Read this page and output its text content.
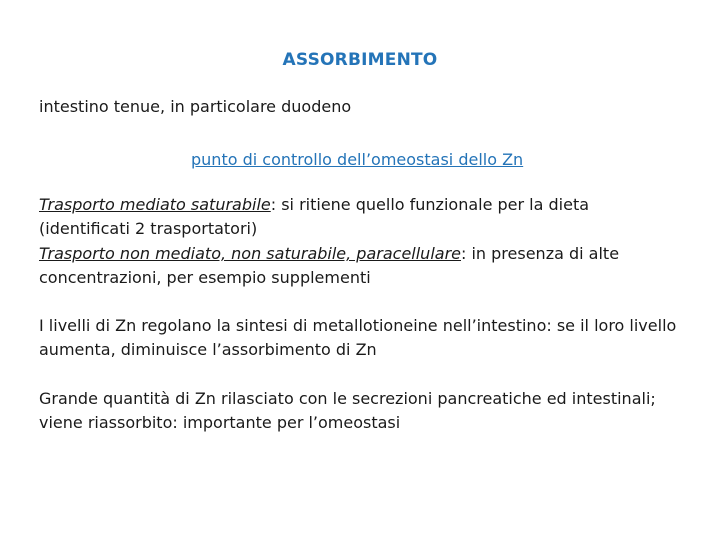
ASSORBIMENTO
intestino tenue, in particolare duodeno
punto di controllo dell’omeostasi dello Zn
Trasporto mediato saturabile: si ritiene quello funzionale per la dieta
(identificati 2 trasportatori)
Trasporto non mediato, non saturabile, paracellulare: in presenza di alte
concentrazioni, per esempio supplementi
I livelli di Zn regolano la sintesi di metallotioneine nell’intestino: se il loro livello
aumenta, diminuisce l’assorbimento di Zn
Grande quantità di Zn rilasciato con le secrezioni pancreatiche ed intestinali;
viene riassorbito: importante per l’omeostasi
